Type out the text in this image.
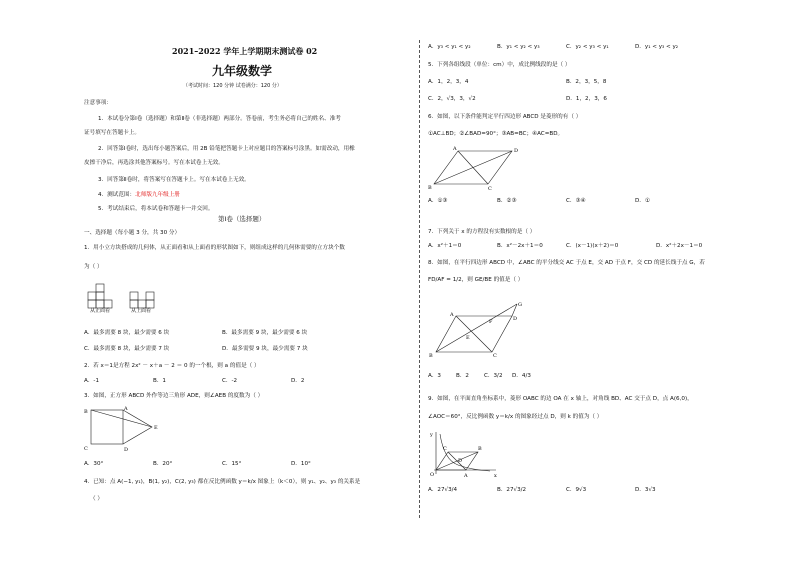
2021–2022 学年上学期期末测试卷 02
九年级数学
（考试时间：120 分钟 试卷满分：120 分）
注意事项：
1．本试卷分第Ⅰ卷（选择题）和第Ⅱ卷（非选择题）两部分。答卷前，考生务必将自己的姓名、准考
证号填写在答题卡上。
2．回答第Ⅰ卷时，选出每小题答案后，用 2B 铅笔把答题卡上对应题目的答案标号涂黑。如需改动，用橡
皮擦干净后，再选涂其他答案标号。写在本试卷上无效。
3．回答第Ⅱ卷时，将答案写在答题卡上。写在本试卷上无效。
4．测试范围：北师版九年级上册
5．考试结束后，将本试卷和答题卡一并交回。
第Ⅰ卷（选择题）
一、选择题（每小题 3 分，共 30 分）
1．用小立方块搭成的几何体，从正面看和从上面看的形状图如下，则组成这样的几何体需要的立方块个数
为（ ）
从正面看	从上面看
A．最多需要 8 块，最少需要 6 块	B．最多需要 9 块，最少需要 6 块
C．最多需要 8 块，最少需要 7 块	D．最多需要 9 块，最少需要 7 块
2．若 x＝1是方程 2x² － x＋a － 2 ＝ 0 的一个根，则 a 的值是（ ）
A．-1	B．1	C．-2	D．2
3．如图，正方形 ABCD 外作等边三角形 ADE，则∠AEB 的度数为（ ）
B	A
E
C	D
A．30°	B．20°	C．15°	D．10°
4．已知：点 A(−1, y₁)，B(1, y₂)，C(2, y₃) 都在反比例函数 y＝k/x 图象上（k＜0），则 y₁、y₂、y₃ 的关系是
（ ）
A．y₃ < y₁ < y₂	B．y₁ < y₂ < y₃	C．y₂ < y₃ < y₁	D．y₁ < y₃ < y₂
5．下列各组线段（单位：cm）中，成比例线段的是（ ）
A．1，2，3，4	B．2，3，5，8
C．2，√3，3，√2	D．1，2，3，6
6．如图，以下条件能判定平行四边形 ABCD 是菱形的有（ ）
①AC⊥BD；②∠BAD=90°；③AB=BC；④AC=BD。
A	D
B	C
A．①③	B．②③	C．③④	D．①
7．下列关于 x 的方程没有实数根的是（ ）
A．x²＋1＝0	B．x²－2x＋1＝0	C．(x－1)(x＋2)＝0	D．x²＋2x－1＝0
8．如图，在平行四边形 ABCD 中，∠ABC 的平分线交 AC 于点 E，交 AD 于点 F，交 CD 的延长线于点 G，若
FD/AF = 1/2，则 GE/BE 的值是（ ）
G
A
F	D
E
B	C
A．3	B．2	C．3/2 D．4/3
9．如图，在平面直角坐标系中，菱形 OABC 的边 OA 在 x 轴上，对角线 BD、AC 交于点 D，点 A(6,0)，
∠AOC＝60°，反比例函数 y＝k/x 的图象经过点 D，则 k 的值为（ ）
y
C	B
D
O	A	x
A．27√3/4	B．27√3/2	C．9√3	D．3√3
